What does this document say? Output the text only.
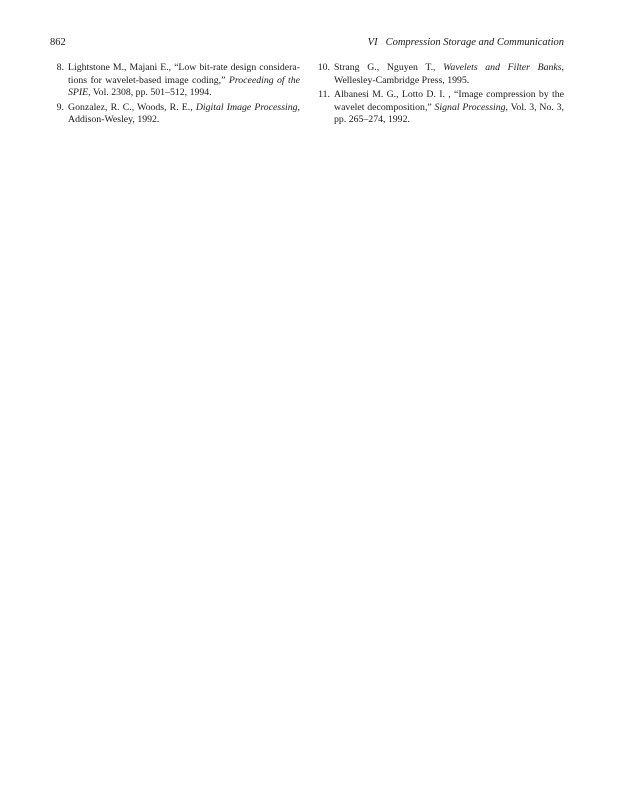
862	VI Compression Storage and Communication
8. Lightstone M., Majani E., “Low bit-rate design considera-tions for wavelet-based image coding,” Proceeding of the SPIE, Vol. 2308, pp. 501–512, 1994.
9. Gonzalez, R. C., Woods, R. E., Digital Image Processing, Addison-Wesley, 1992.
10. Strang G., Nguyen T., Wavelets and Filter Banks, Wellesley-Cambridge Press, 1995.
11. Albanesi M. G., Lotto D. I. , “Image compression by the wavelet decomposition,” Signal Processing, Vol. 3, No. 3, pp. 265–274, 1992.
